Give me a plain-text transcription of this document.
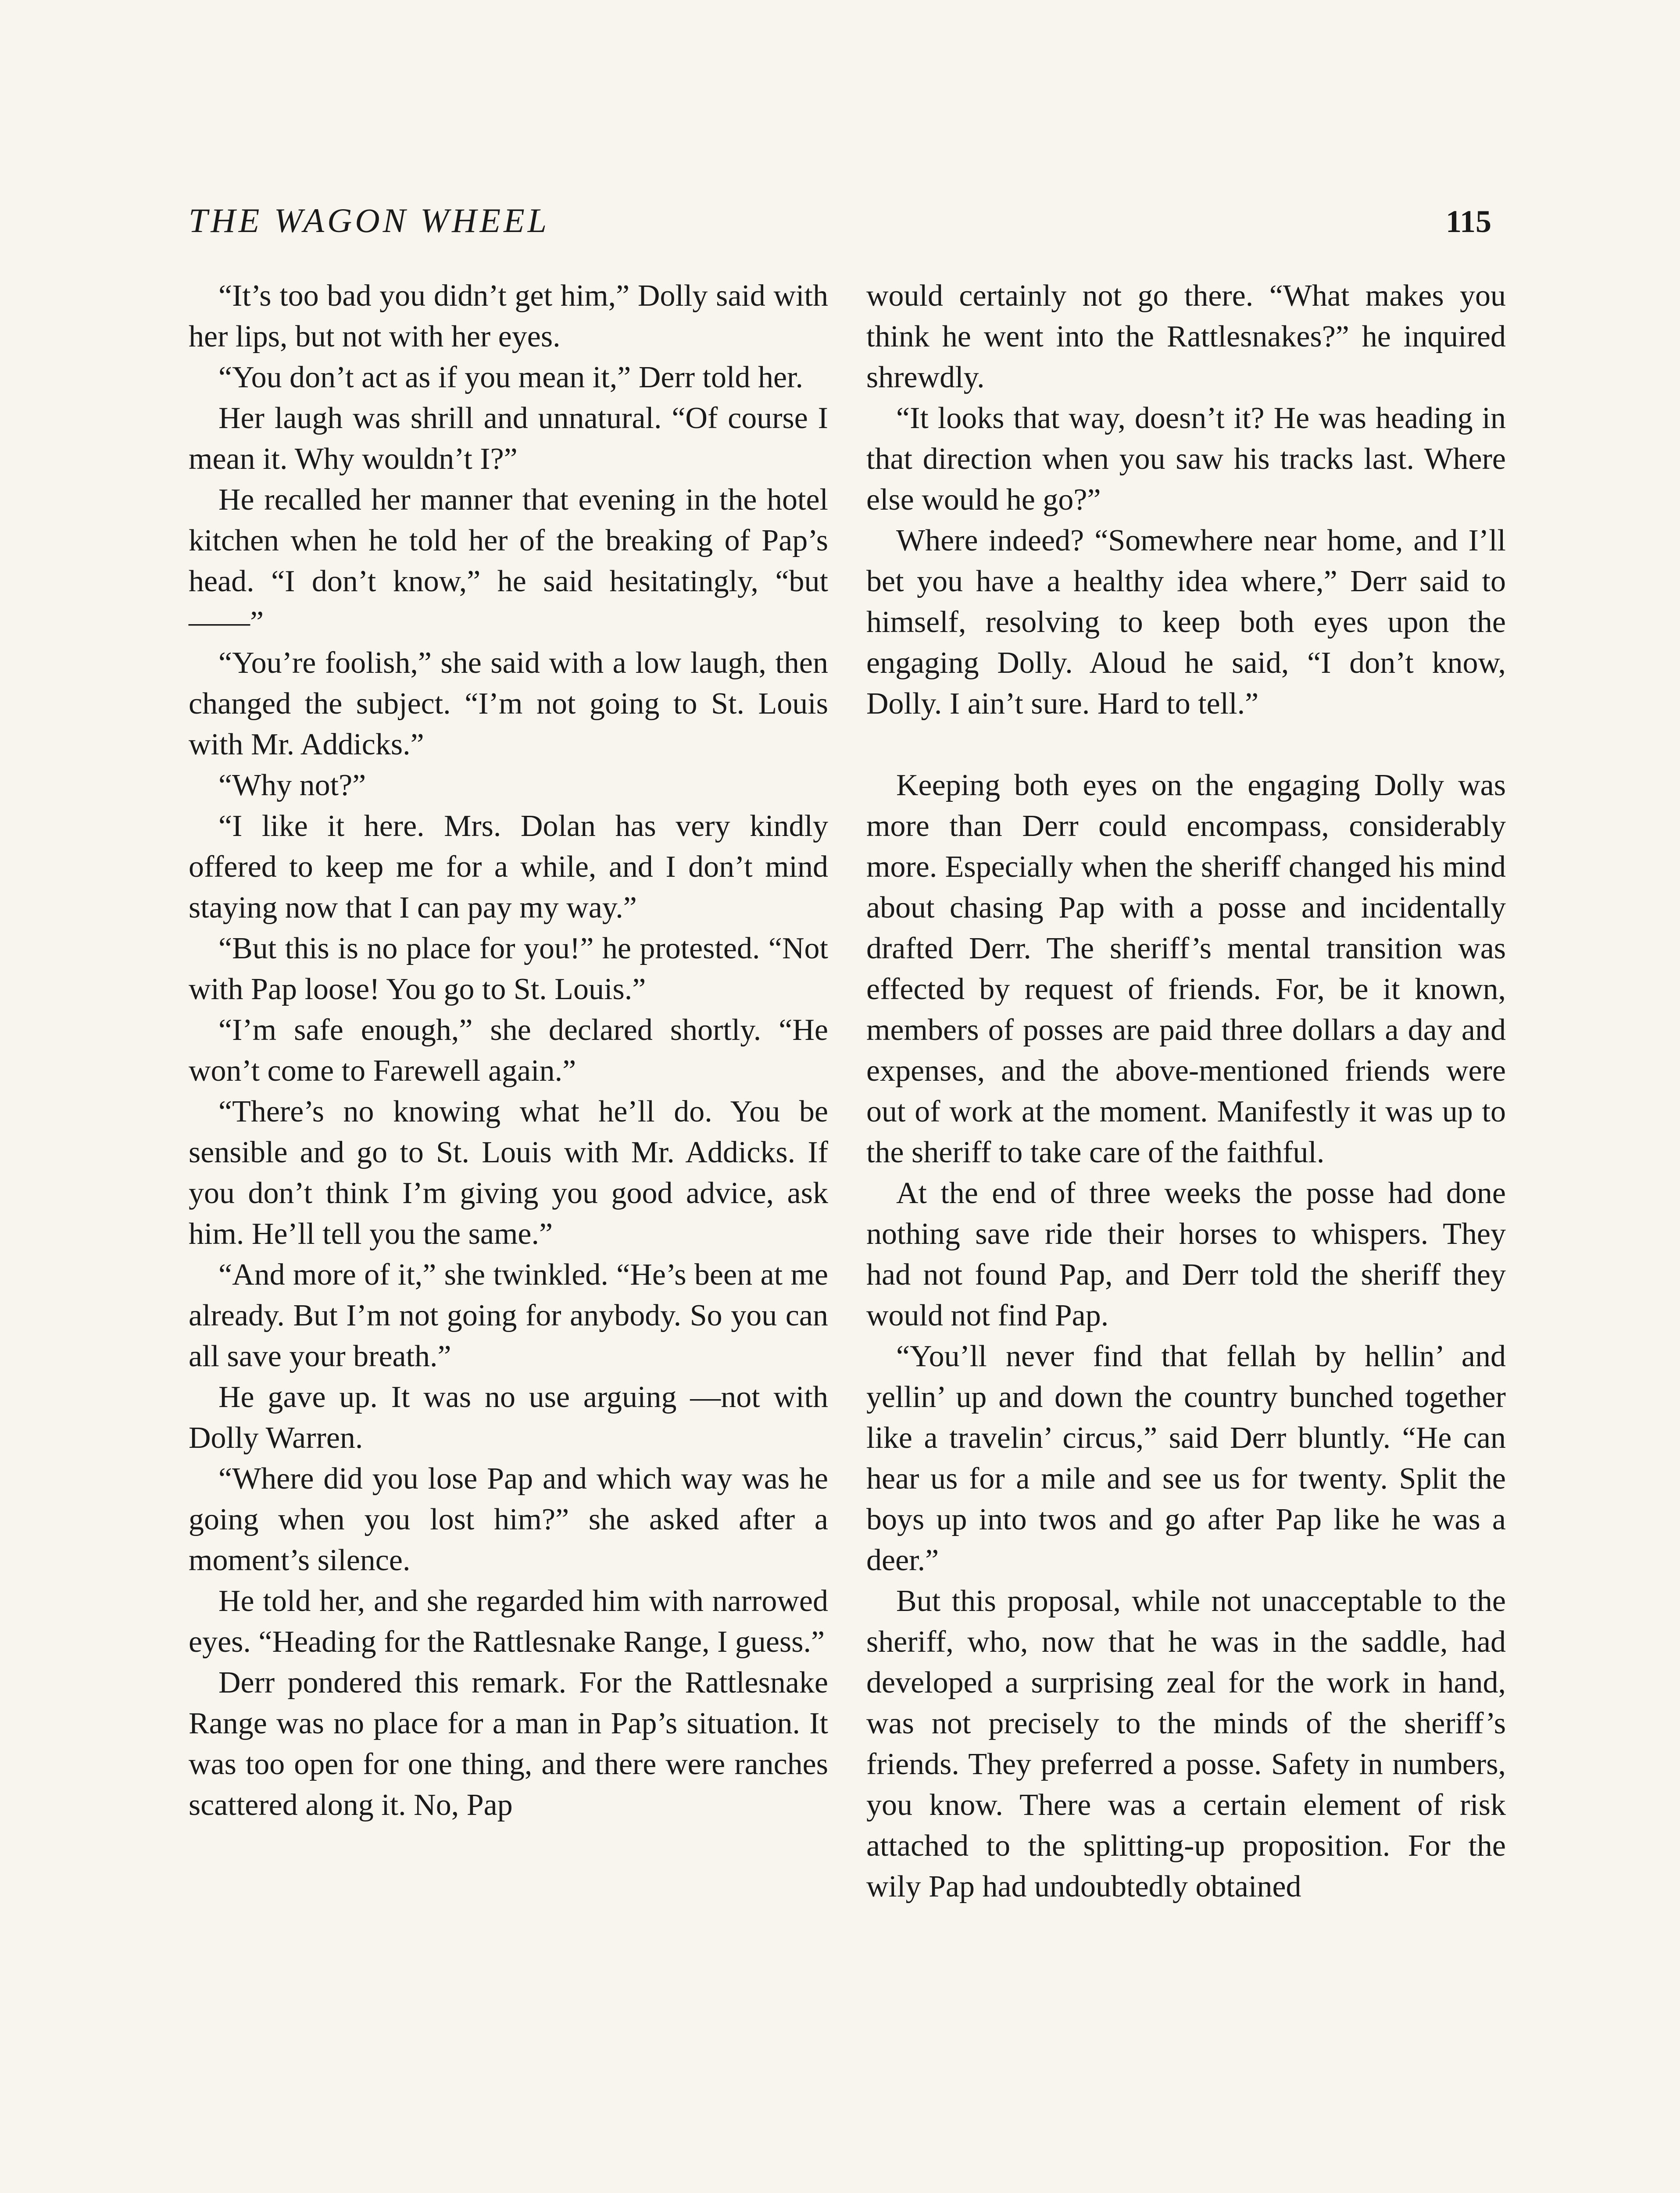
THE WAGON WHEEL	115

“It’s too bad you didn’t get him,” Dolly said with her lips, but not with her eyes.

“You don’t act as if you mean it,” Derr told her.

Her laugh was shrill and unnatural. “Of course I mean it. Why wouldn’t I?”

He recalled her manner that evening in the hotel kitchen when he told her of the breaking of Pap’s head. “I don’t know,” he said hesitatingly, “but——”

“You’re foolish,” she said with a low laugh, then changed the subject. “I’m not going to St. Louis with Mr. Addicks.”

“Why not?”

“I like it here. Mrs. Dolan has very kindly offered to keep me for a while, and I don’t mind staying now that I can pay my way.”

“But this is no place for you!” he protested. “Not with Pap loose! You go to St. Louis.”

“I’m safe enough,” she declared shortly. “He won’t come to Farewell again.”

“There’s no knowing what he’ll do. You be sensible and go to St. Louis with Mr. Addicks. If you don’t think I’m giving you good advice, ask him. He’ll tell you the same.”

“And more of it,” she twinkled. “He’s been at me already. But I’m not going for anybody. So you can all save your breath.”

He gave up. It was no use arguing —not with Dolly Warren.

“Where did you lose Pap and which way was he going when you lost him?” she asked after a moment’s silence.

He told her, and she regarded him with narrowed eyes. “Heading for the Rattlesnake Range, I guess.”

Derr pondered this remark. For the Rattlesnake Range was no place for a man in Pap’s situation. It was too open for one thing, and there were ranches scattered along it. No, Pap

would certainly not go there. “What makes you think he went into the Rattlesnakes?” he inquired shrewdly.

“It looks that way, doesn’t it? He was heading in that direction when you saw his tracks last. Where else would he go?”

Where indeed? “Somewhere near home, and I’ll bet you have a healthy idea where,” Derr said to himself, resolving to keep both eyes upon the engaging Dolly. Aloud he said, “I don’t know, Dolly. I ain’t sure. Hard to tell.”

Keeping both eyes on the engaging Dolly was more than Derr could encompass, considerably more. Especially when the sheriff changed his mind about chasing Pap with a posse and incidentally drafted Derr. The sheriff’s mental transition was effected by request of friends. For, be it known, members of posses are paid three dollars a day and expenses, and the above-mentioned friends were out of work at the moment. Manifestly it was up to the sheriff to take care of the faithful.

At the end of three weeks the posse had done nothing save ride their horses to whispers. They had not found Pap, and Derr told the sheriff they would not find Pap.

“You’ll never find that fellah by hellin’ and yellin’ up and down the country bunched together like a travelin’ circus,” said Derr bluntly. “He can hear us for a mile and see us for twenty. Split the boys up into twos and go after Pap like he was a deer.”

But this proposal, while not unacceptable to the sheriff, who, now that he was in the saddle, had developed a surprising zeal for the work in hand, was not precisely to the minds of the sheriff’s friends. They preferred a posse. Safety in numbers, you know. There was a certain element of risk attached to the splitting-up proposition. For the wily Pap had undoubtedly obtained
